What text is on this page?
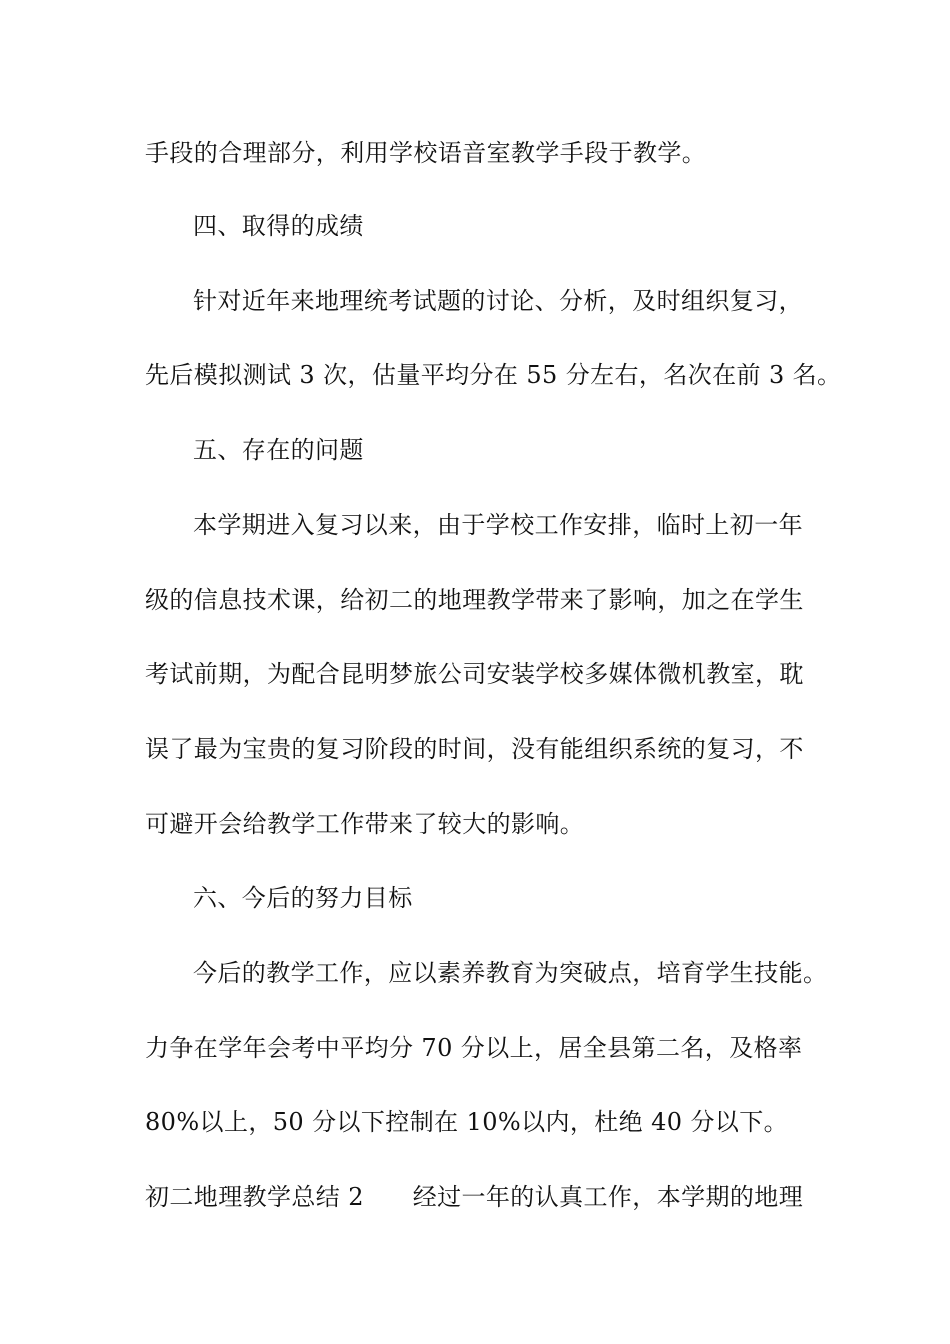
手段的合理部分，利用学校语音室教学手段于教学。
四、取得的成绩
针对近年来地理统考试题的讨论、分析，及时组织复习，
先后模拟测试 3 次，估量平均分在 55 分左右，名次在前 3 名。
五、存在的问题
本学期进入复习以来，由于学校工作安排，临时上初一年
级的信息技术课，给初二的地理教学带来了影响，加之在学生
考试前期，为配合昆明梦旅公司安装学校多媒体微机教室，耽
误了最为宝贵的复习阶段的时间，没有能组织系统的复习，不
可避开会给教学工作带来了较大的影响。
六、今后的努力目标
今后的教学工作，应以素养教育为突破点，培育学生技能。
力争在学年会考中平均分 70 分以上，居全县第二名，及格率
80%以上，50 分以下控制在 10%以内，杜绝 40 分以下。
初二地理教学总结 2　　经过一年的认真工作，本学期的地理
